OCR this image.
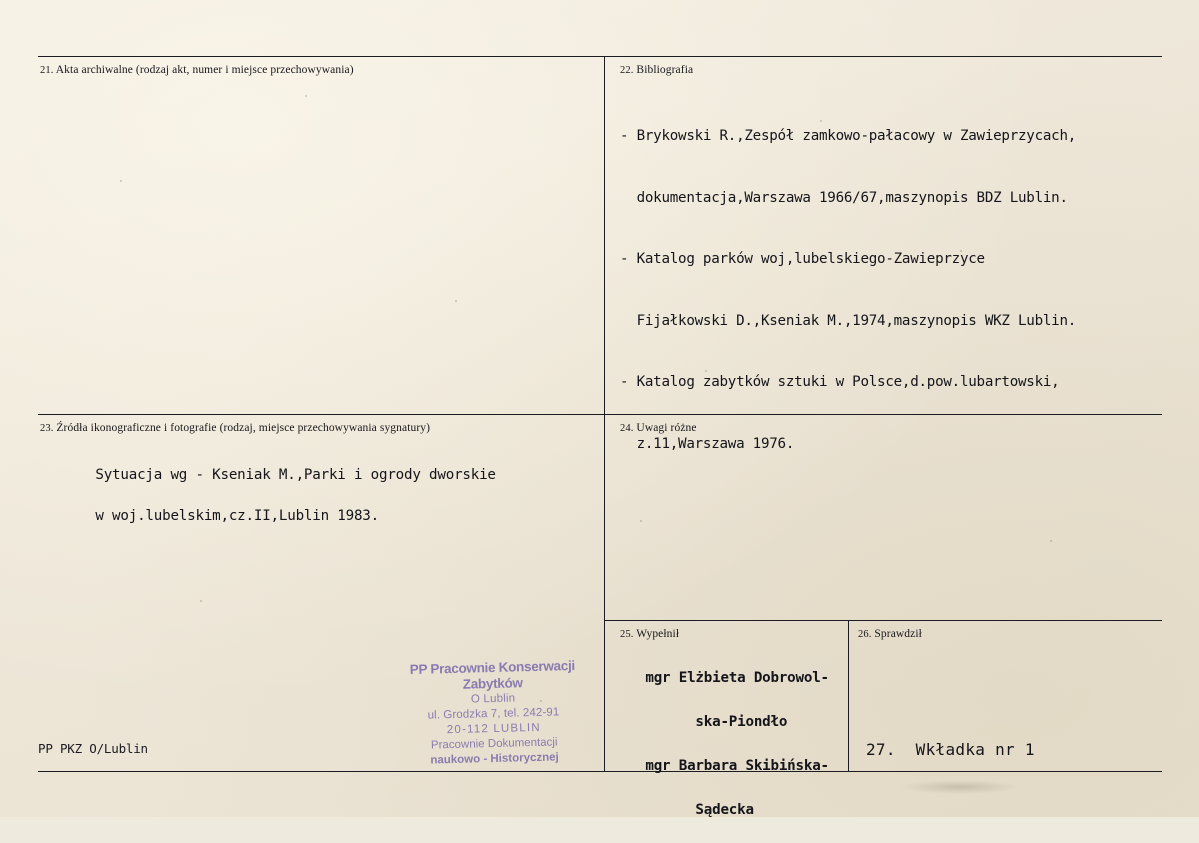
21. Akta archiwalne (rodzaj akt, numer i miejsce przechowywania)	22. Bibliografia

- Brykowski R.,Zespół zamkowo-pałacowy w Zawieprzycach,

dokumentacja,Warszawa 1966/67,maszynopis BDZ Lublin.

- Katalog parków woj,lubelskiego-Zawieprzyce

Fijałkowski D.,Kseniak M.,1974,maszynopis WKZ Lublin.

- Katalog zabytków sztuki w Polsce,d.pow.lubartowski,

z.11,Warszawa 1976.

23. Źródła ikonograficzne i fotografie (rodzaj, miejsce przechowywania sygnatury)

Sytuacja wg - Kseniak M.,Parki i ogrody dworskie

w woj.lubelskim,cz.II,Lublin 1983.

24. Uwagi różne
25. Wypełnił

mgr Elżbieta Dobrowol-

ska-Piondło

mgr Barbara Skibińska-

Sądecka

26. Sprawdził
PP PKZ O/Lublin	27.  Wkładka nr 1
PP Pracownie Konserwacji Zabytków
O Lublin
ul. Grodzka 7, tel. 242-91
20-112 LUBLIN
Pracownie Dokumentacji
naukowo - Historycznej
